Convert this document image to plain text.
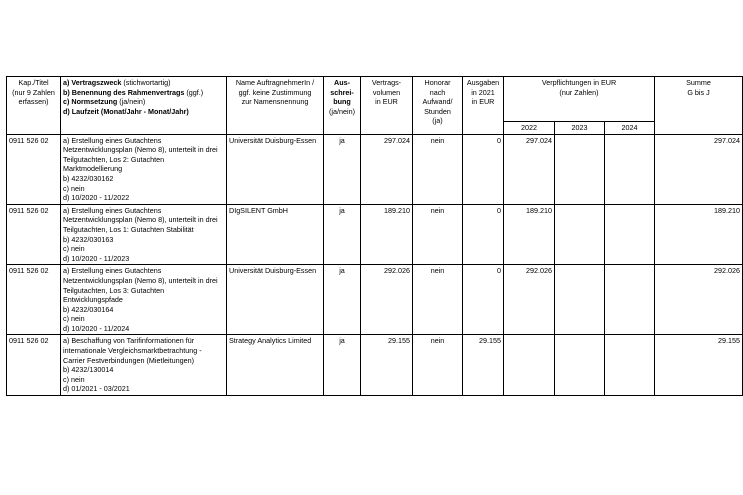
Kap./Titel
(nur 9 Zahlen
erfassen)	a) Vertragszweck (stichwortartig)
b) Benennung des Rahmenvertrags (ggf.)
c) Normsetzung (ja/nein)
d) Laufzeit (Monat/Jahr - Monat/Jahr)	Name AuftragnehmerIn /
ggf. keine Zustimmung
zur Namensnennung	Aus-
schrei-
bung
(ja/nein)	Vertrags-
volumen
in EUR	Honorar
nach
Aufwand/
Stunden
(ja)	Ausgaben
in 2021
in EUR	Verpflichtungen in EUR
(nur Zahlen)			Summe
G bis J

							2022	2023	2024	
0911 526 02	a) Erstellung eines Gutachtens Netzentwicklungsplan (Nemo 8), unterteilt in drei Teilgutachten, Los 2: Gutachten Marktmodellierung
b) 4232/030162
c) nein
d) 10/2020 - 11/2022	Universität Duisburg-Essen	ja	297.024	nein	0	297.024			297.024
0911 526 02	a) Erstellung eines Gutachtens Netzentwicklungsplan (Nemo 8), unterteilt in drei Teilgutachten, Los 1: Gutachten Stabilität
b) 4232/030163
c) nein
d) 10/2020 - 11/2023	DIgSILENT GmbH	ja	189.210	nein	0	189.210			189.210
0911 526 02	a) Erstellung eines Gutachtens Netzentwicklungsplan (Nemo 8), unterteilt in drei Teilgutachten, Los 3: Gutachten Entwicklungspfade
b) 4232/030164
c) nein
d) 10/2020 - 11/2024	Universität Duisburg-Essen	ja	292.026	nein	0	292.026			292.026
0911 526 02	a) Beschaffung von Tarifinformationen für internationale Vergleichsmarktbetrachtung - Carrier Festverbindungen (Mietleitungen)
b) 4232/130014
c) nein
d) 01/2021 - 03/2021	Strategy Analytics Limited	ja	29.155	nein	29.155				29.155
